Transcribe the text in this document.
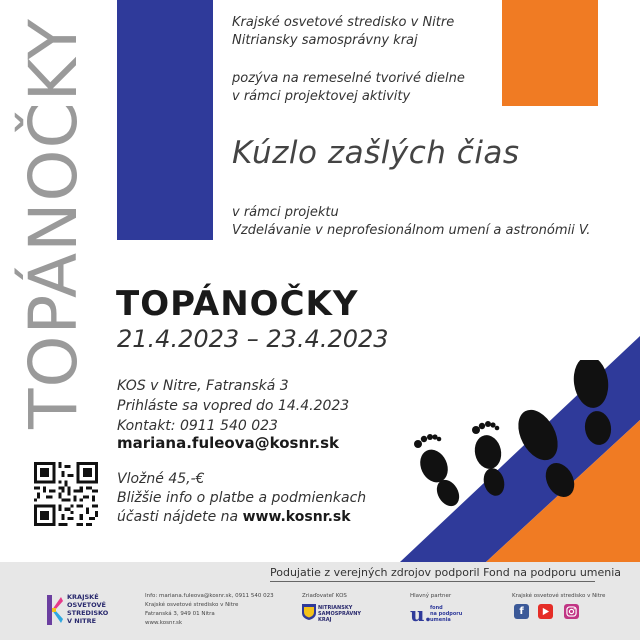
TOPÁNOČKY	Krajské osvetové stredisko v Nitre
Nitriansky samosprávny kraj
pozýva na remeselné tvorivé dielne
v rámci projektovej aktivity
Kúzlo zašlých čias
v rámci projektu
Vzdelávanie v neprofesionálnom umení a astronómii V.
TOPÁNOČKY
21.4.2023 – 23.4.2023
KOS v Nitre, Fatranská 3
Prihláste sa vopred do 14.4.2023
Kontakt: 0911 540 023
mariana.fuleova@kosnr.sk
Vložné 45,-€
Bližšie info o platbe a podmienkach
účasti nájdete na www.kosnr.sk
Podujatie z verejných zdrojov podporil Fond na podporu umenia
KRAJSKÉ
OSVETOVÉ
STREDISKO
V NITRE
Info: mariana.fuleova@kosnr.sk, 0911 540 023
Krajské osvetové stredisko v Nitre
Fatranská 3, 949 01 Nitra
www.kosnr.sk
Zriaďovateľ KOS
NITRIANSKY
SAMOSPRÁVNY
KRAJ
Hlavný partner
u.
fond
na podporu
umenia
Krajské osvetové stredisko v Nitre
f
